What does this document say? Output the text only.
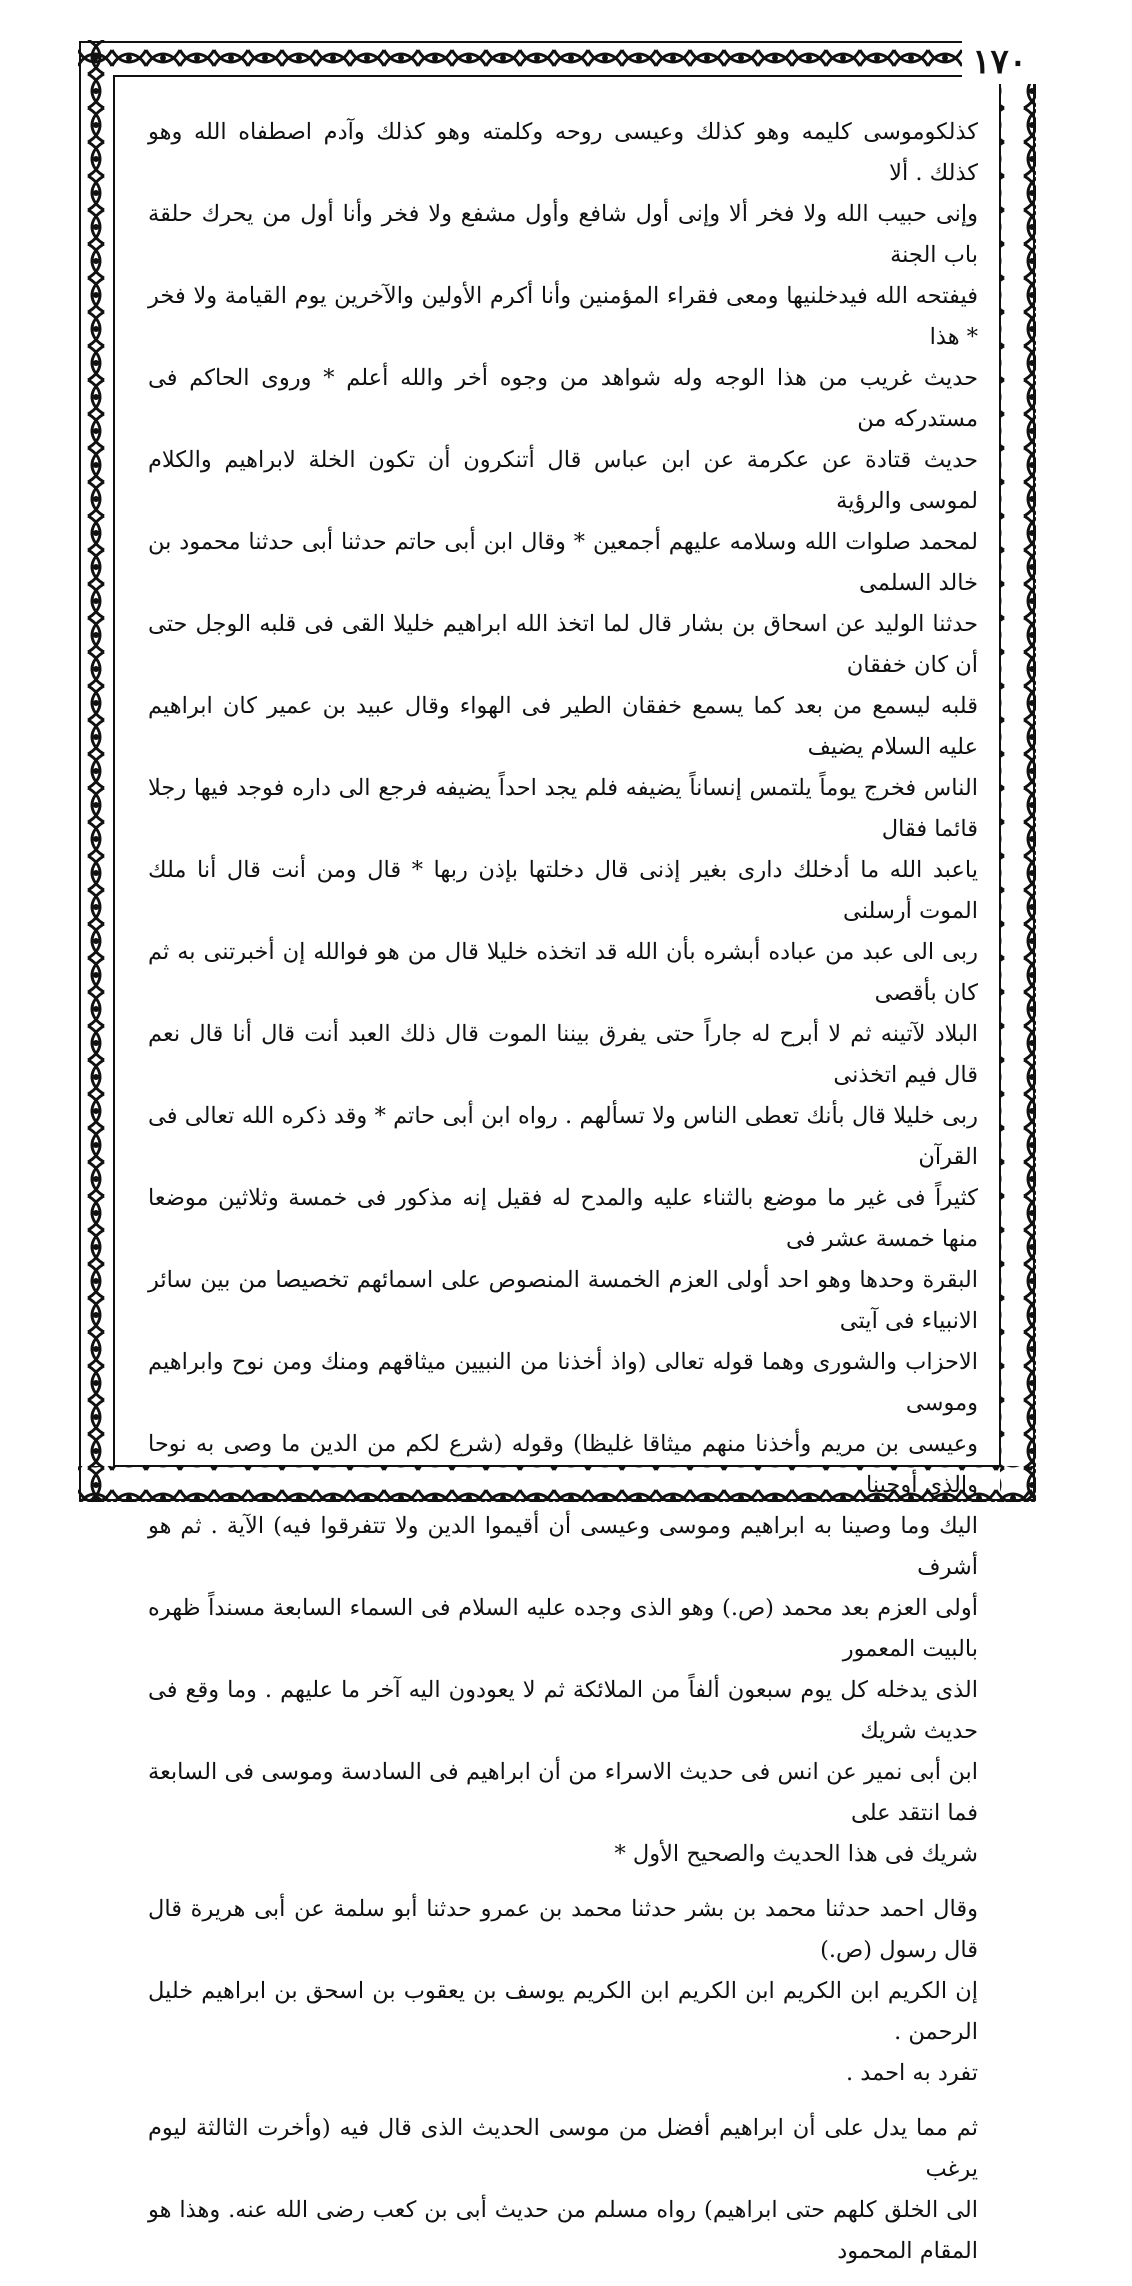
١٧٠
كذلكوموسى كليمه وهو كذلك وعيسى روحه وكلمته وهو كذلك وآدم اصطفاه الله وهو كذلك . ألا
وإنى حبيب الله ولا فخر ألا وإنى أول شافع وأول مشفع ولا فخر وأنا أول من يحرك حلقة باب الجنة
فيفتحه الله فيدخلنيها ومعى فقراء المؤمنين وأنا أكرم الأولين والآخرين يوم القيامة ولا فخر * هذا
حديث غريب من هذا الوجه وله شواهد من وجوه أخر والله أعلم * وروى الحاكم فى مستدركه من
حديث قتادة عن عكرمة عن ابن عباس قال أتنكرون أن تكون الخلة لابراهيم والكلام لموسى والرؤية
لمحمد صلوات الله وسلامه عليهم أجمعين * وقال ابن أبى حاتم حدثنا أبى حدثنا محمود بن خالد السلمى
حدثنا الوليد عن اسحاق بن بشار قال لما اتخذ الله ابراهيم خليلا القى فى قلبه الوجل حتى أن كان خفقان
قلبه ليسمع من بعد كما يسمع خفقان الطير فى الهواء وقال عبيد بن عمير كان ابراهيم عليه السلام يضيف
الناس فخرج يوماً يلتمس إنساناً يضيفه فلم يجد احداً يضيفه فرجع الى داره فوجد فيها رجلا قائما فقال
ياعبد الله ما أدخلك دارى بغير إذنى قال دخلتها بإذن ربها * قال ومن أنت قال أنا ملك الموت أرسلنى
ربى الى عبد من عباده أبشره بأن الله قد اتخذه خليلا قال من هو فوالله إن أخبرتنى به ثم كان بأقصى
البلاد لآتينه ثم لا أبرح له جاراً حتى يفرق بيننا الموت قال ذلك العبد أنت قال أنا قال نعم قال فيم اتخذنى
ربى خليلا قال بأنك تعطى الناس ولا تسألهم . رواه ابن أبى حاتم * وقد ذكره الله تعالى فى القرآن
كثيراً فى غير ما موضع بالثناء عليه والمدح له فقيل إنه مذكور فى خمسة وثلاثين موضعا منها خمسة عشر فى
البقرة وحدها وهو احد أولى العزم الخمسة المنصوص على اسمائهم تخصيصا من بين سائر الانبياء فى آيتى
الاحزاب والشورى وهما قوله تعالى (واذ أخذنا من النبيين ميثاقهم ومنك ومن نوح وابراهيم وموسى
وعيسى بن مريم وأخذنا منهم ميثاقا غليظا) وقوله (شرع لكم من الدين ما وصى به نوحا والذى أوحينا
اليك وما وصينا به ابراهيم وموسى وعيسى أن أقيموا الدين ولا تتفرقوا فيه) الآية . ثم هو أشرف
أولى العزم بعد محمد (ص.) وهو الذى وجده عليه السلام فى السماء السابعة مسنداً ظهره بالبيت المعمور
الذى يدخله كل يوم سبعون ألفاً من الملائكة ثم لا يعودون اليه آخر ما عليهم . وما وقع فى حديث شريك
ابن أبى نمير عن انس فى حديث الاسراء من أن ابراهيم فى السادسة وموسى فى السابعة فما انتقد على
شريك فى هذا الحديث والصحيح الأول *
وقال احمد حدثنا محمد بن بشر حدثنا محمد بن عمرو حدثنا أبو سلمة عن أبى هريرة قال قال رسول (ص.)
إن الكريم ابن الكريم ابن الكريم ابن الكريم يوسف بن يعقوب بن اسحق بن ابراهيم خليل الرحمن .
تفرد به احمد .
ثم مما يدل على أن ابراهيم أفضل من موسى الحديث الذى قال فيه (وأخرت الثالثة ليوم يرغب
الى الخلق كلهم حتى ابراهيم) رواه مسلم من حديث أبى بن كعب رضى الله عنه. وهذا هو المقام المحمود
